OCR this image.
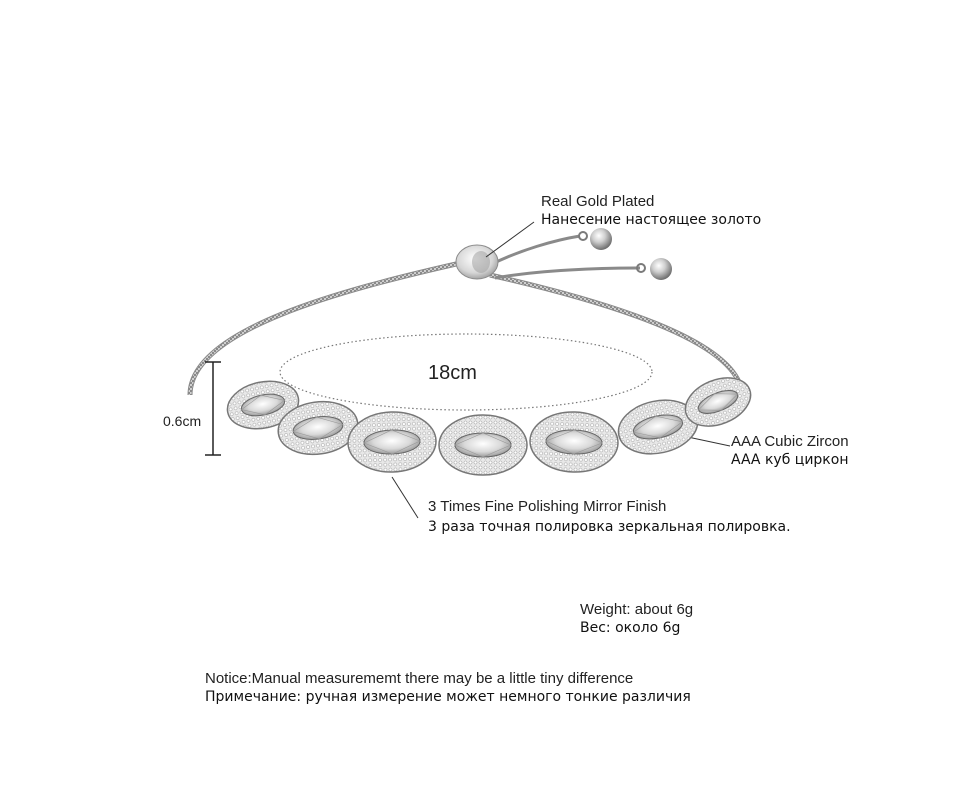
18cm
0.6cm
Real Gold Plated
Нанесение настоящее золото
AAA Cubic Zircon
AAA куб циркон
3 Times Fine Polishing Mirror Finish
3 раза точная полировка зеркальная полировка.
Weight: about 6g
Вес: около 6g
Notice:Manual measurememt there may be a little tiny difference
Примечание: ручная измерение может немного тонкие различия
